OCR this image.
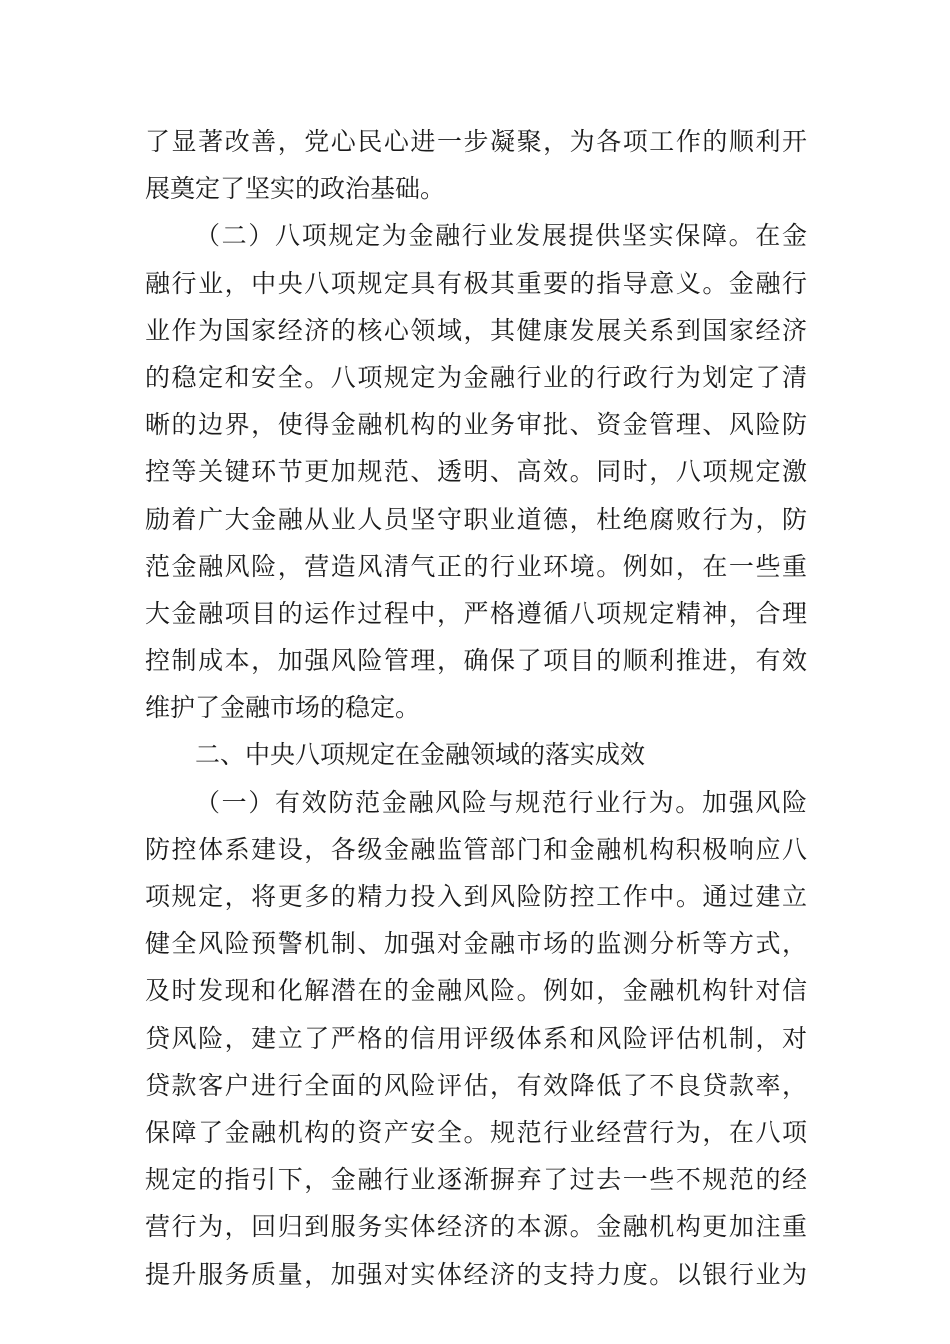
了显著改善，党心民心进一步凝聚，为各项工作的顺利开
展奠定了坚实的政治基础。
（二）八项规定为金融行业发展提供坚实保障。在金
融行业，中央八项规定具有极其重要的指导意义。金融行
业作为国家经济的核心领域，其健康发展关系到国家经济
的稳定和安全。八项规定为金融行业的行政行为划定了清
晰的边界，使得金融机构的业务审批、资金管理、风险防
控等关键环节更加规范、透明、高效。同时，八项规定激
励着广大金融从业人员坚守职业道德，杜绝腐败行为，防
范金融风险，营造风清气正的行业环境。例如，在一些重
大金融项目的运作过程中，严格遵循八项规定精神，合理
控制成本，加强风险管理，确保了项目的顺利推进，有效
维护了金融市场的稳定。
二、中央八项规定在金融领域的落实成效
（一）有效防范金融风险与规范行业行为。加强风险
防控体系建设，各级金融监管部门和金融机构积极响应八
项规定，将更多的精力投入到风险防控工作中。通过建立
健全风险预警机制、加强对金融市场的监测分析等方式，
及时发现和化解潜在的金融风险。例如，金融机构针对信
贷风险，建立了严格的信用评级体系和风险评估机制，对
贷款客户进行全面的风险评估，有效降低了不良贷款率，
保障了金融机构的资产安全。规范行业经营行为，在八项
规定的指引下，金融行业逐渐摒弃了过去一些不规范的经
营行为，回归到服务实体经济的本源。金融机构更加注重
提升服务质量，加强对实体经济的支持力度。以银行业为
